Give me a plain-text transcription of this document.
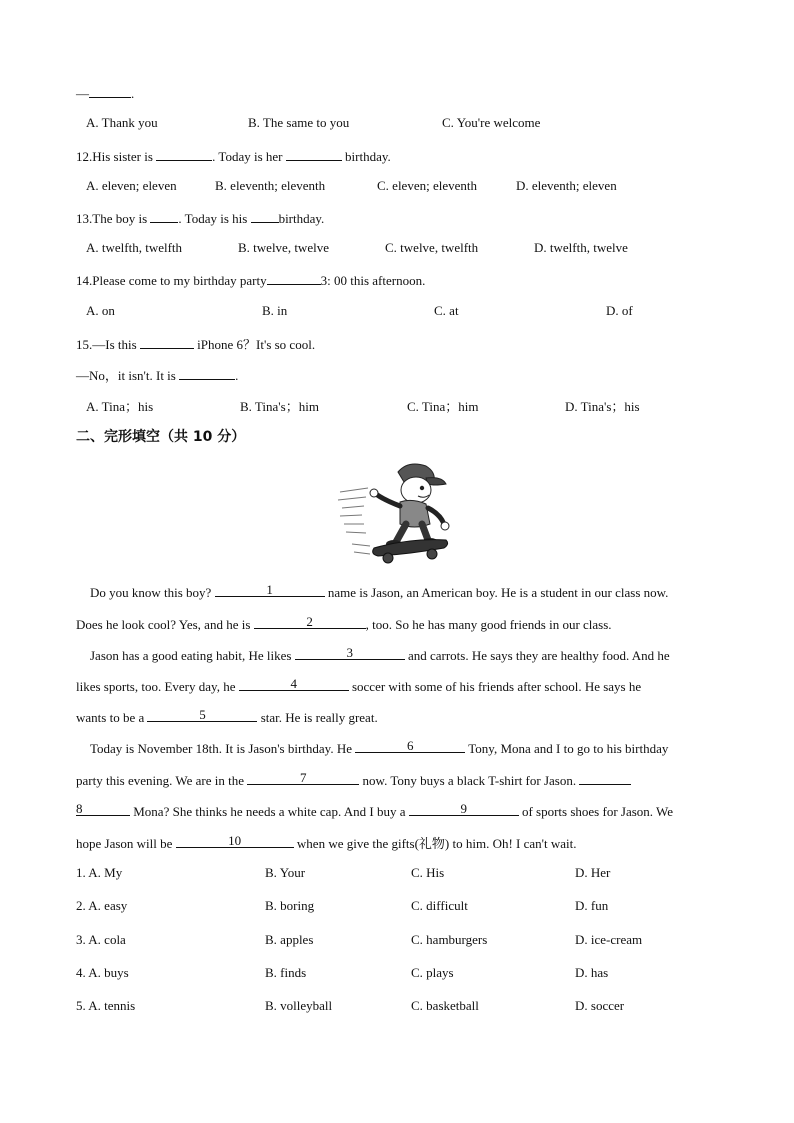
—	.
A. Thank you	B. The same to you	C. You're welcome
12.His sister is	. Today is her	birthday.
A. eleven; eleven	B. eleventh; eleventh	C. eleven; eleventh	D. eleventh; eleven
13.The boy is . Today is his birthday.
A. twelfth, twelfth	B. twelve, twelve	C. twelve, twelfth	D. twelfth, twelve
14.Please come to my birthday party	3: 00 this afternoon.
A. on	B. in	C. at	D. of
15.—Is this	iPhone 6？It's so cool.
—No，it isn't. It is	.
A. Tina；his	B. Tina's；him	C. Tina；him	D. Tina's；his
二、完形填空（共 10 分）
Do you know this boy?	1	name is Jason, an American boy. He is a student in our class now.
Does he look cool? Yes, and he is	2	, too. So he has many good friends in our class.
Jason has a good eating habit, He likes	3	and carrots. He says they are healthy food. And he
likes sports, too. Every day, he	4	soccer with some of his friends after school. He says he
wants to be a	5	star. He is really great.
Today is November 18th. It is Jason's birthday. He	6	Tony, Mona and I to go to his birthday
party this evening. We are in the	7	now. Tony buys a black T-shirt for Jason.
8	Mona? She thinks he needs a white cap. And I buy a	9	of sports shoes for Jason. We
hope Jason will be	10	when we give the gifts(礼物) to him. Oh! I can't wait.
1. A. My	B. Your	C. His	D. Her
2. A. easy	B. boring	C. difficult	D. fun
3. A. cola	B. apples	C. hamburgers	D. ice-cream
4. A. buys	B. finds	C. plays	D. has
5. A. tennis	B. volleyball	C. basketball	D. soccer
